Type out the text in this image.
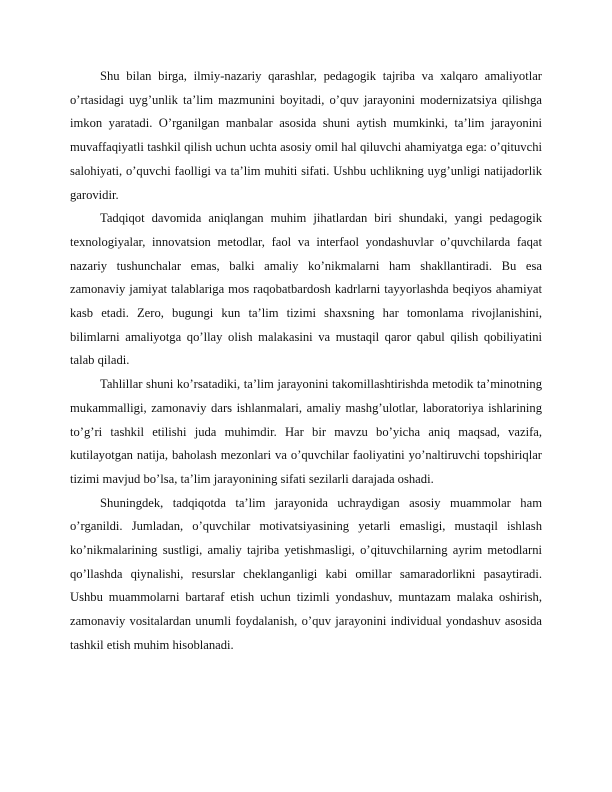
Shu bilan birga, ilmiy-nazariy qarashlar, pedagogik tajriba va xalqaro amaliyotlar o’rtasidagi uyg’unlik ta’lim mazmunini boyitadi, o’quv jarayonini modernizatsiya qilishga imkon yaratadi. O’rganilgan manbalar asosida shuni aytish mumkinki, ta’lim jarayonini muvaffaqiyatli tashkil qilish uchun uchta asosiy omil hal qiluvchi ahamiyatga ega: o’qituvchi salohiyati, o’quvchi faolligi va ta’lim muhiti sifati. Ushbu uchlikning uyg’unligi natijadorlik garovidir.

Tadqiqot davomida aniqlangan muhim jihatlardan biri shundaki, yangi pedagogik texnologiyalar, innovatsion metodlar, faol va interfaol yondashuvlar o’quvchilarda faqat nazariy tushunchalar emas, balki amaliy ko’nikmalarni ham shakllantiradi. Bu esa zamonaviy jamiyat talablariga mos raqobatbardosh kadrlarni tayyorlashda beqiyos ahamiyat kasb etadi. Zero, bugungi kun ta’lim tizimi shaxsning har tomonlama rivojlanishini, bilimlarni amaliyotga qo’llay olish malakasini va mustaqil qaror qabul qilish qobiliyatini talab qiladi.

Tahlillar shuni ko’rsatadiki, ta’lim jarayonini takomillashtirishda metodik ta’minotning mukammalligi, zamonaviy dars ishlanmalari, amaliy mashg’ulotlar, laboratoriya ishlarining to’g’ri tashkil etilishi juda muhimdir. Har bir mavzu bo’yicha aniq maqsad, vazifa, kutilayotgan natija, baholash mezonlari va o’quvchilar faoliyatini yo’naltiruvchi topshiriqlar tizimi mavjud bo’lsa, ta’lim jarayonining sifati sezilarli darajada oshadi.

Shuningdek, tadqiqotda ta’lim jarayonida uchraydigan asosiy muammolar ham o’rganildi. Jumladan, o’quvchilar motivatsiyasining yetarli emasligi, mustaqil ishlash ko’nikmalarining sustligi, amaliy tajriba yetishmasligi, o’qituvchilarning ayrim metodlarni qo’llashda qiynalishi, resurslar cheklanganligi kabi omillar samaradorlikni pasaytiradi. Ushbu muammolarni bartaraf etish uchun tizimli yondashuv, muntazam malaka oshirish, zamonaviy vositalardan unumli foydalanish, o’quv jarayonini individual yondashuv asosida tashkil etish muhim hisoblanadi.
